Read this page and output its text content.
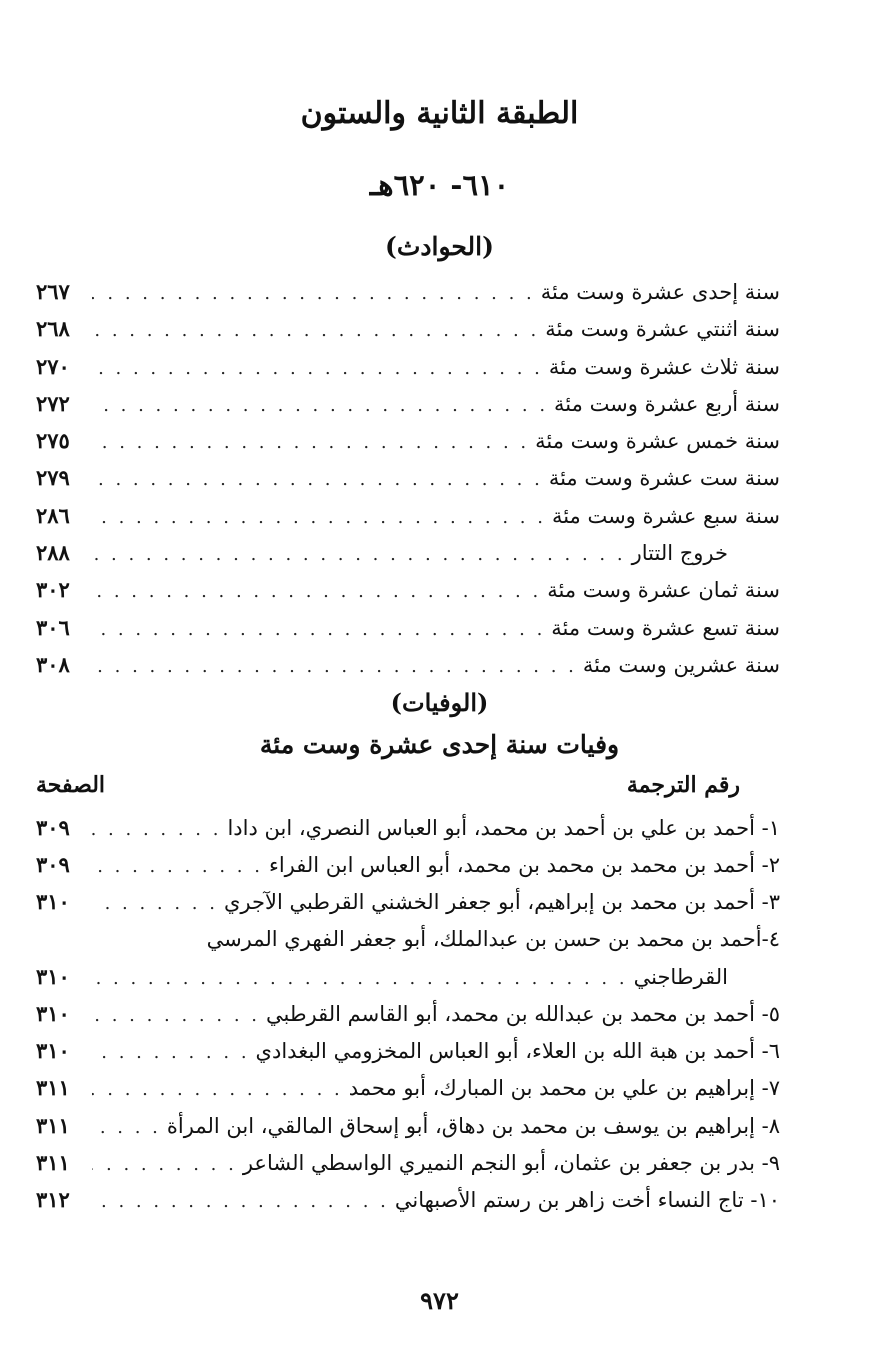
الطبقة الثانية والستون
٦١٠- ٦٢٠هـ
(الحوادث)
سنة إحدى عشرة وست مئة
. . .
٢٦٧
سنة اثنتي عشرة وست مئة
. . .
٢٦٨
سنة ثلاث عشرة وست مئة
. . .
٢٧٠
سنة أربع عشرة وست مئة
. . .
٢٧٢
سنة خمس عشرة وست مئة
. . .
٢٧٥
سنة ست عشرة وست مئة
. . .
٢٧٩
سنة سبع عشرة وست مئة
. . .
٢٨٦
خروج التتار
. . .
٢٨٨
سنة ثمان عشرة وست مئة
. . .
٣٠٢
سنة تسع عشرة وست مئة
. . .
٣٠٦
سنة عشرين وست مئة
. . .
٣٠٨
(الوفيات)
وفيات سنة إحدى عشرة وست مئة
رقم الترجمة
الصفحة
١- أحمد بن علي بن أحمد بن محمد، أبو العباس النصري، ابن دادا
. . .
٣٠٩
٢- أحمد بن محمد بن محمد بن محمد، أبو العباس ابن الفراء
. . .
٣٠٩
٣- أحمد بن محمد بن إبراهيم، أبو جعفر الخشني القرطبي الآجري
. . .
٣١٠
٤-أحمد بن محمد بن حسن بن عبدالملك، أبو جعفر الفهري المرسي
القرطاجني
. . .
٣١٠
٥- أحمد بن محمد بن عبدالله بن محمد، أبو القاسم القرطبي
. . .
٣١٠
٦- أحمد بن هبة الله بن العلاء، أبو العباس المخزومي البغدادي
. . .
٣١٠
٧- إبراهيم بن علي بن محمد بن المبارك، أبو محمد
. . .
٣١١
٨- إبراهيم بن يوسف بن محمد بن دهاق، أبو إسحاق المالقي، ابن المرأة
. . .
٣١١
٩- بدر بن جعفر بن عثمان، أبو النجم النميري الواسطي الشاعر
. . .
٣١١
١٠- تاج النساء أخت زاهر بن رستم الأصبهاني
. . .
٣١٢
٩٧٢
